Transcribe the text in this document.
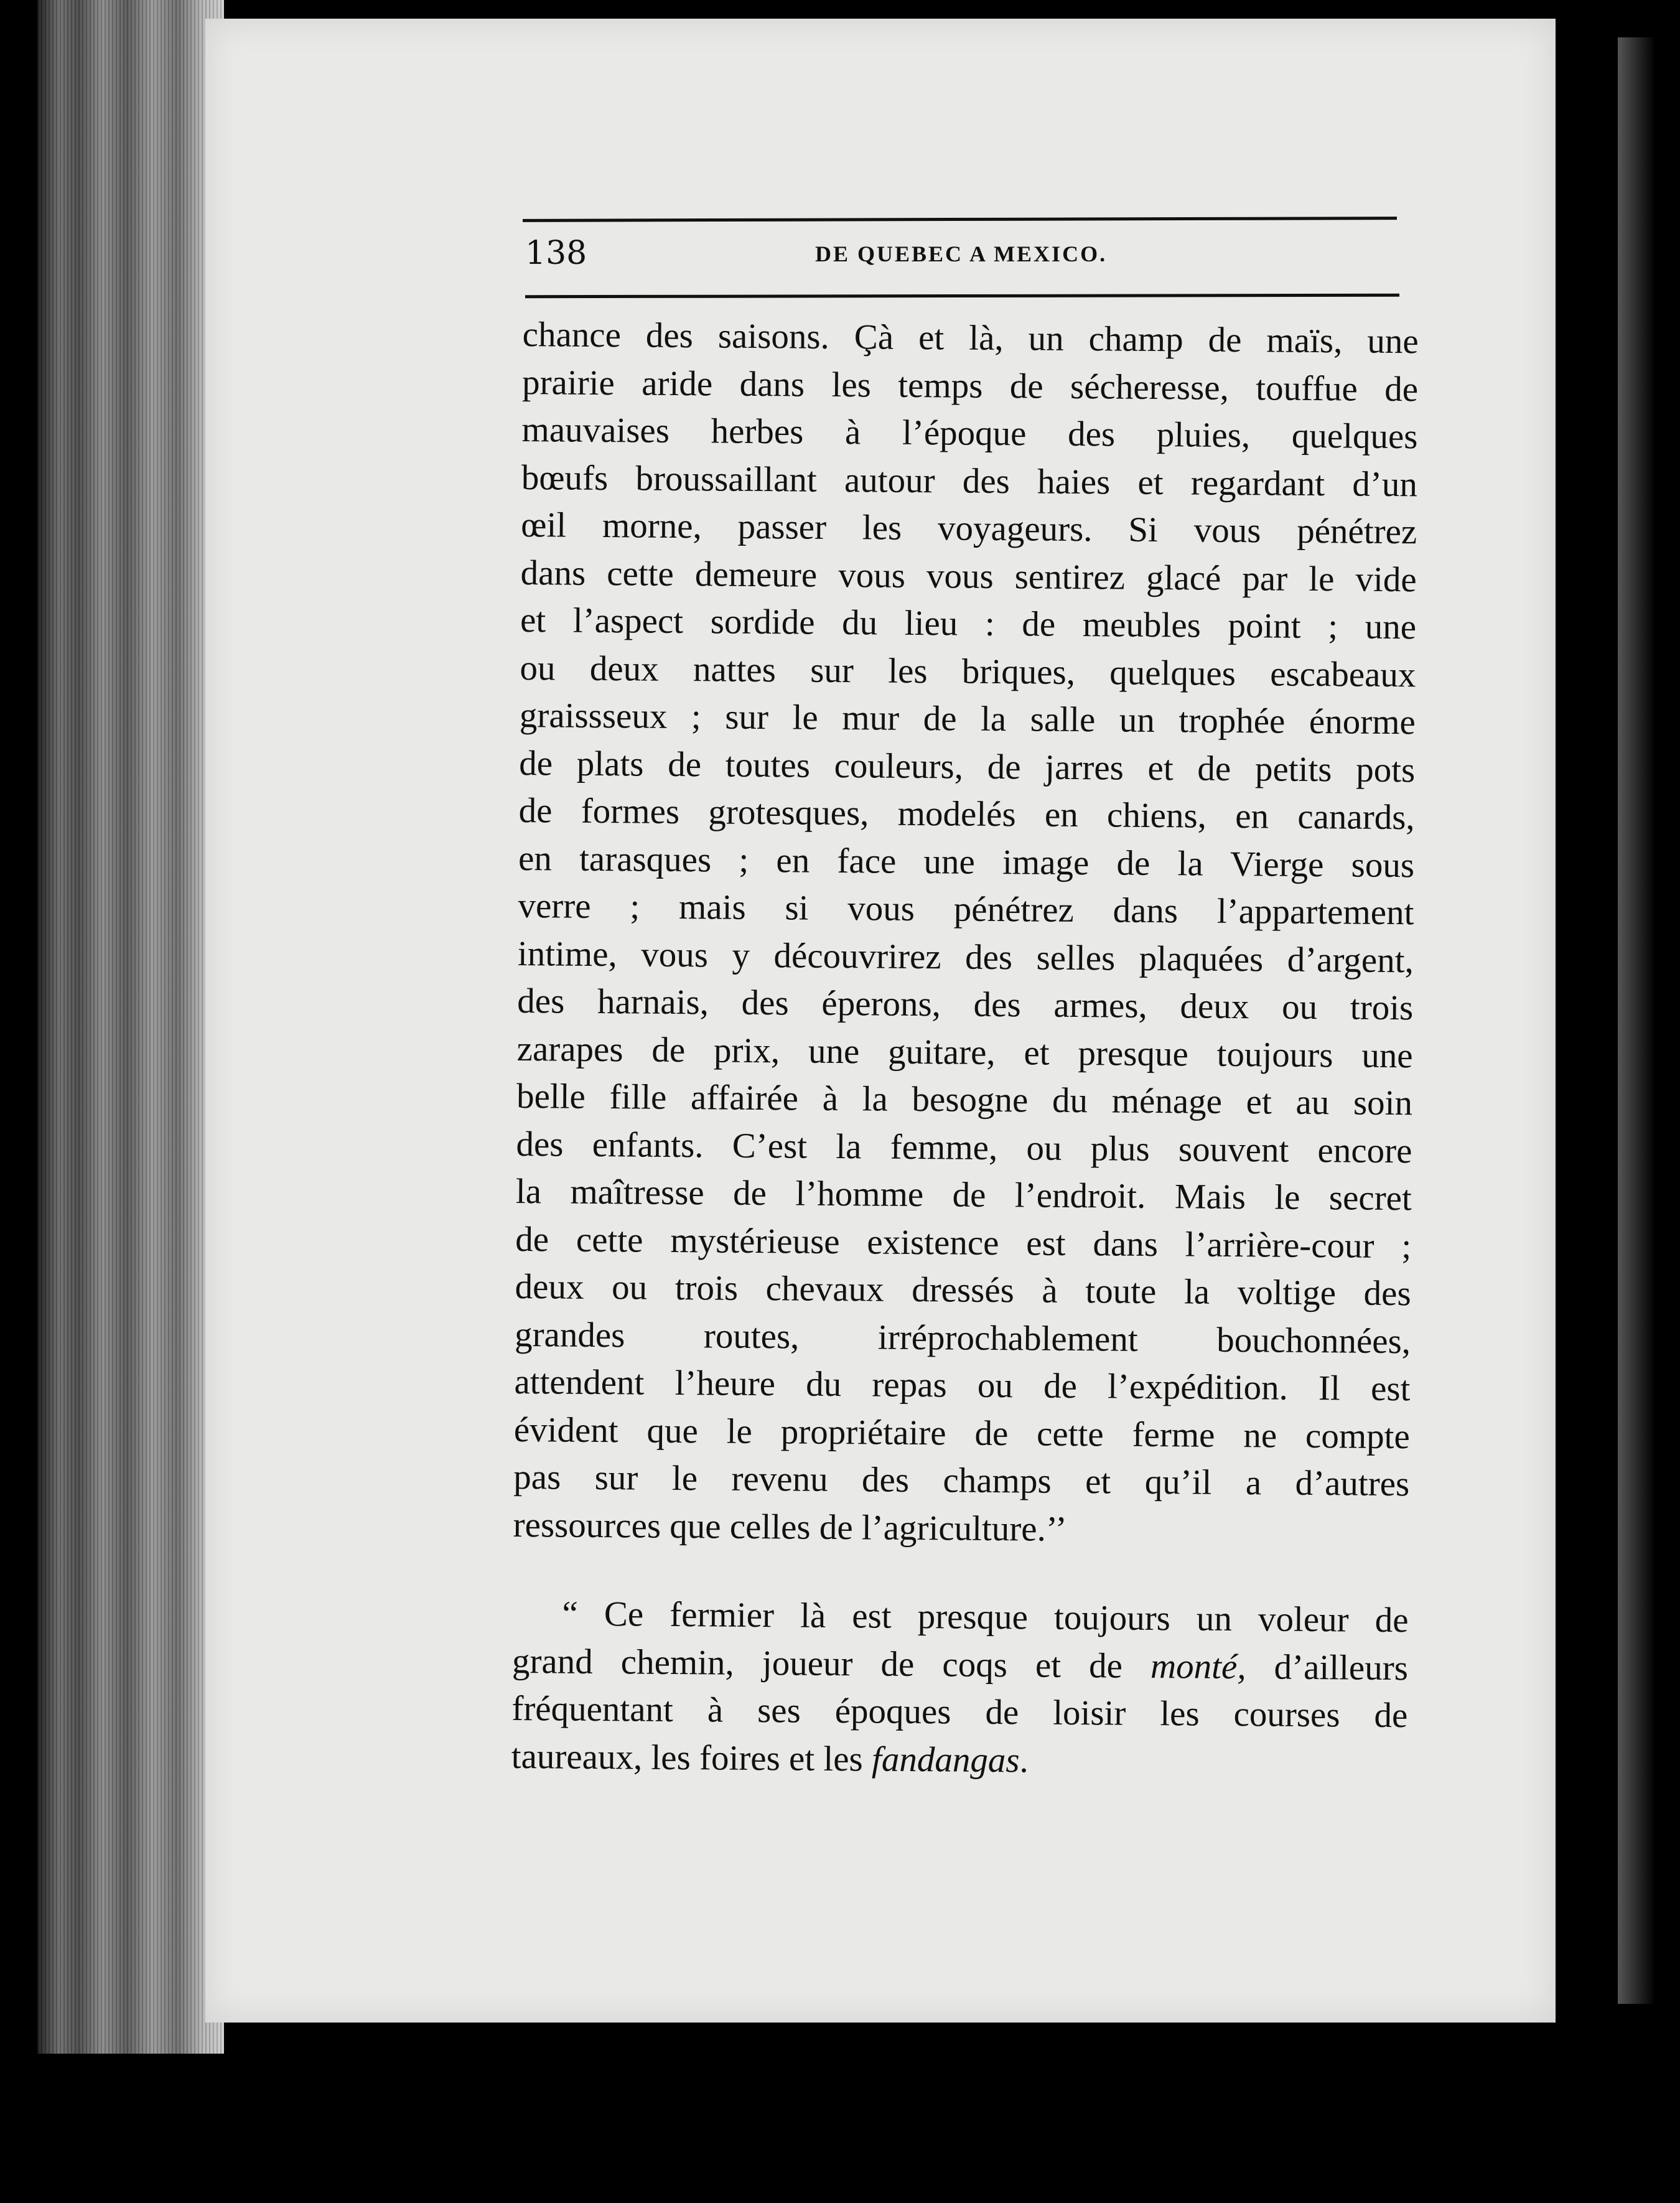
138	DE QUEBEC A MEXICO.
chance des saisons. Çà et là, un champ de maïs, une
prairie aride dans les temps de sécheresse, touffue de
mauvaises herbes à l’époque des pluies, quelques
bœufs broussaillant autour des haies et regardant d’un
œil morne, passer les voyageurs. Si vous pénétrez
dans cette demeure vous vous sentirez glacé par le vide
et l’aspect sordide du lieu : de meubles point ; une
ou deux nattes sur les briques, quelques escabeaux
graissseux ; sur le mur de la salle un trophée énorme
de plats de toutes couleurs, de jarres et de petits pots
de formes grotesques, modelés en chiens, en canards,
en tarasques ; en face une image de la Vierge sous
verre ; mais si vous pénétrez dans l’appartement
intime, vous y découvrirez des selles plaquées d’argent,
des harnais, des éperons, des armes, deux ou trois
zarapes de prix, une guitare, et presque toujours une
belle fille affairée à la besogne du ménage et au soin
des enfants. C’est la femme, ou plus souvent encore
la maîtresse de l’homme de l’endroit. Mais le secret
de cette mystérieuse existence est dans l’arrière-cour ;
deux ou trois chevaux dressés à toute la voltige des
grandes routes, irréprochablement bouchonnées,
attendent l’heure du repas ou de l’expédition. Il est
évident que le propriétaire de cette ferme ne compte
pas sur le revenu des champs et qu’il a d’autres
ressources que celles de l’agriculture.’’
“ Ce fermier là est presque toujours un voleur de
grand chemin, joueur de coqs et de monté, d’ailleurs
fréquentant à ses époques de loisir les courses de
taureaux, les foires et les fandangas.
